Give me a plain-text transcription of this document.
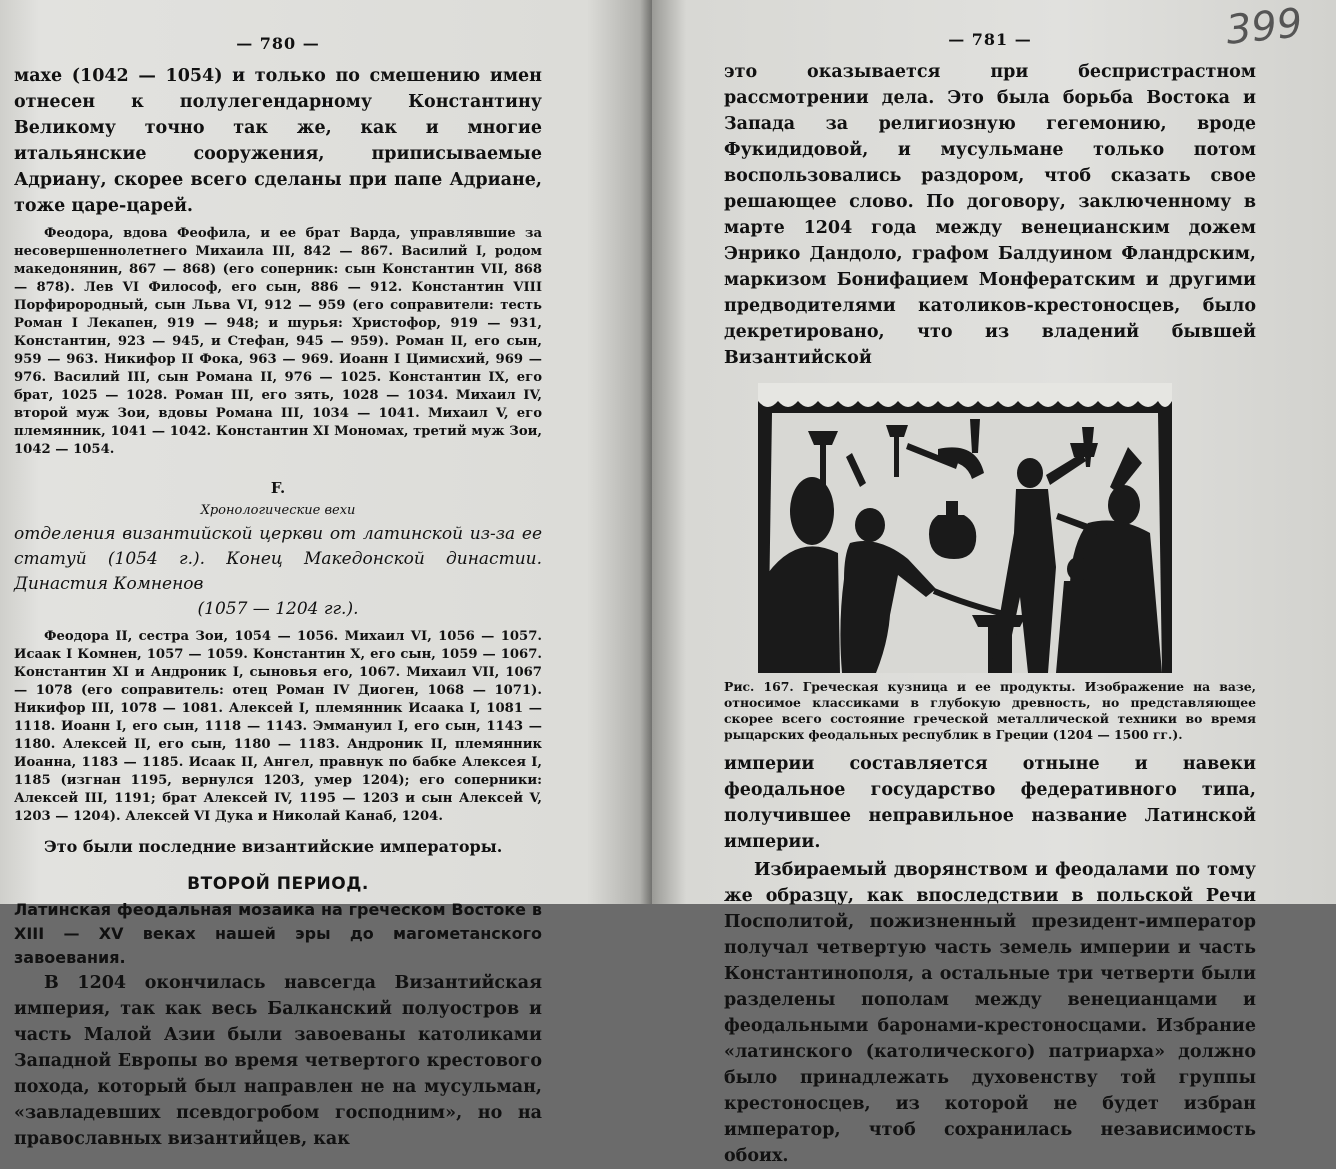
— 780 —

махе (1042 — 1054) и только по смешению имен отнесен к полулегендарному Константину Великому точно так же, как и многие итальянские сооружения, приписываемые Адриану, скорее всего сделаны при папе Адриане, тоже царе-царей.

Феодора, вдова Феофила, и ее брат Варда, управлявшие за несовершеннолетнего Михаила III, 842 — 867. Василий I, родом македонянин, 867 — 868) (его соперник: сын Константин VII, 868 — 878). Лев VI Философ, его сын, 886 — 912. Константин VIII Порфирородный, сын Льва VI, 912 — 959 (его соправители: тесть Роман I Лекапен, 919 — 948; и шурья: Христофор, 919 — 931, Константин, 923 — 945, и Стефан, 945 — 959). Роман II, его сын, 959 — 963. Никифор II Фока, 963 — 969. Иоанн I Цимисхий, 969 — 976. Василий III, сын Романа II, 976 — 1025. Константин IX, его брат, 1025 — 1028. Роман III, его зять, 1028 — 1034. Михаил IV, второй муж Зои, вдовы Романа III, 1034 — 1041. Михаил V, его племянник, 1041 — 1042. Константин XI Мономах, третий муж Зои, 1042 — 1054.

F.
Хронологические вехи

отделения византийской церкви от латинской из-за ее статуй (1054 г.). Конец Македонской династии. Династия Комненов

(1057 — 1204 гг.).

Феодора II, сестра Зои, 1054 — 1056. Михаил VI, 1056 — 1057. Исаак I Комнен, 1057 — 1059. Константин X, его сын, 1059 — 1067. Константин XI и Андроник I, сыновья его, 1067. Михаил VII, 1067 — 1078 (его соправитель: отец Роман IV Диоген, 1068 — 1071). Никифор III, 1078 — 1081. Алексей I, племянник Исаака I, 1081 — 1118. Иоанн I, его сын, 1118 — 1143. Эммануил I, его сын, 1143 — 1180. Алексей II, его сын, 1180 — 1183. Андроник II, племянник Иоанна, 1183 — 1185. Исаак II, Ангел, правнук по бабке Алексея I, 1185 (изгнан 1195, вернулся 1203, умер 1204); его соперники: Алексей III, 1191; брат Алексей IV, 1195 — 1203 и сын Алексей V, 1203 — 1204). Алексей VI Дука и Николай Канаб, 1204.

Это были последние византийские императоры.

ВТОРОЙ ПЕРИОД.

Латинская феодальная мозаика на греческом Востоке в XIII — XV веках нашей эры до магометанского завоевания.

В 1204 окончилась навсегда Византийская империя, так как весь Балканский полуостров и часть Малой Азии были завоеваны католиками Западной Европы во время четвертого крестового похода, который был направлен не на мусульман, «завладевших псевдогробом господним», но на православных византийцев, как

399
— 781 —

это оказывается при беспристрастном рассмотрении дела. Это была борьба Востока и Запада за религиозную гегемонию, вроде Фукидидовой, и мусульмане только потом воспользовались раздором, чтоб сказать свое решающее слово. По договору, заключенному в марте 1204 года между венецианским дожем Энрико Дандоло, графом Балдуином Фландрским, маркизом Бонифацием Монфератским и другими предводителями католиков-крестоносцев, было декретировано, что из владений бывшей Византийской

Рис. 167. Греческая кузница и ее продукты. Изображение на вазе, относимое классиками в глубокую древность, но представляющее скорее всего состояние греческой металлической техники во время рыцарских феодальных республик в Греции (1204 — 1500 гг.).

империи составляется отныне и навеки феодальное государство федеративного типа, получившее неправильное название Латинской империи.

Избираемый дворянством и феодалами по тому же образцу, как впоследствии в польской Речи Посполитой, пожизненный президент-император получал четвертую часть земель империи и часть Константинополя, а остальные три четверти были разделены пополам между венецианцами и феодальными баронами-крестоносцами. Избрание «латинского (католического) патриарха» должно было принадлежать духовенству той группы крестоносцев, из которой не будет избран император, чтоб сохранилась независимость обоих.
